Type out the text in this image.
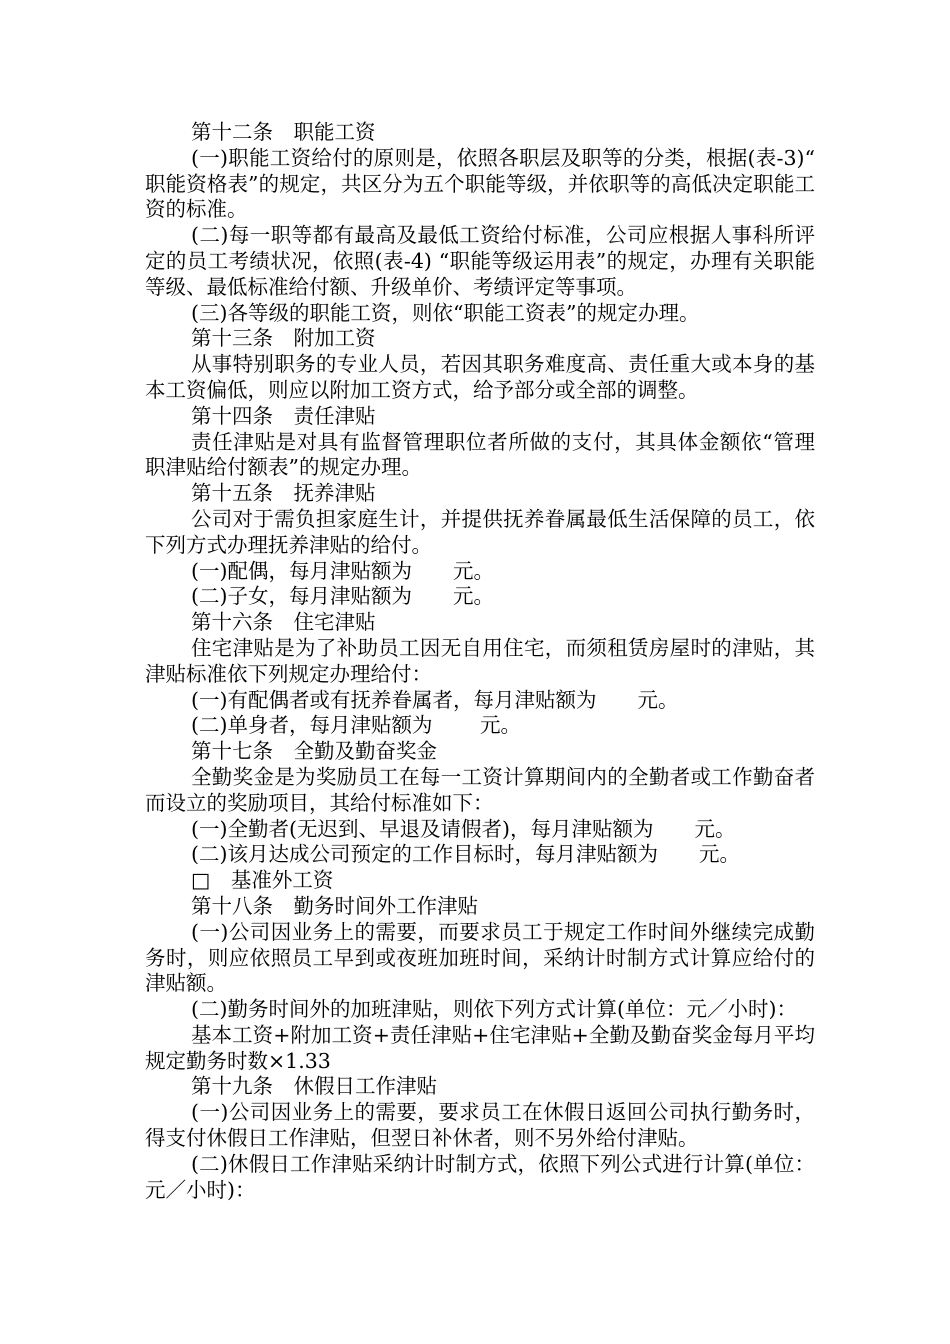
第十二条　职能工资

(一)职能工资给付的原则是，依照各职层及职等的分类，根据(表-3)“ 职能资格表”的规定，共区分为五个职能等级，并依职等的高低决定职能工资的标准。

(二)每一职等都有最高及最低工资给付标准，公司应根据人事科所评定的员工考绩状况，依照(表-4) “职能等级运用表”的规定，办理有关职能等级、最低标准给付额、升级单价、考绩评定等事项。

(三)各等级的职能工资，则依“职能工资表”的规定办理。

第十三条　附加工资

从事特别职务的专业人员，若因其职务难度高、责任重大或本身的基本工资偏低，则应以附加工资方式，给予部分或全部的调整。

第十四条　责任津贴

责任津贴是对具有监督管理职位者所做的支付，其具体金额依“管理职津贴给付额表”的规定办理。

第十五条　抚养津贴

公司对于需负担家庭生计，并提供抚养眷属最低生活保障的员工，依下列方式办理抚养津贴的给付。

(一)配偶，每月津贴额为　　元。

(二)子女，每月津贴额为　　元。

第十六条　住宅津贴

住宅津贴是为了补助员工因无自用住宅，而须租赁房屋时的津贴，其津贴标准依下列规定办理给付：

(一)有配偶者或有抚养眷属者，每月津贴额为　　元。

(二)单身者，每月津贴额为　　 元。

第十七条　全勤及勤奋奖金

全勤奖金是为奖励员工在每一工资计算期间内的全勤者或工作勤奋者而设立的奖励项目，其给付标准如下：

(一)全勤者(无迟到、早退及请假者)，每月津贴额为　　元。

(二)该月达成公司预定的工作目标时，每月津贴额为　　元。

□　基准外工资

第十八条　勤务时间外工作津贴

(一)公司因业务上的需要，而要求员工于规定工作时间外继续完成勤务时，则应依照员工早到或夜班加班时间，采纳计时制方式计算应给付的津贴额。

(二)勤务时间外的加班津贴，则依下列方式计算(单位：元／小时)：

基本工资+附加工资+责任津贴+住宅津贴+全勤及勤奋奖金每月平均规定勤务时数×1.33

第十九条　休假日工作津贴

(一)公司因业务上的需要，要求员工在休假日返回公司执行勤务时，得支付休假日工作津贴，但翌日补休者，则不另外给付津贴。

(二)休假日工作津贴采纳计时制方式，依照下列公式进行计算(单位：元／小时)：
